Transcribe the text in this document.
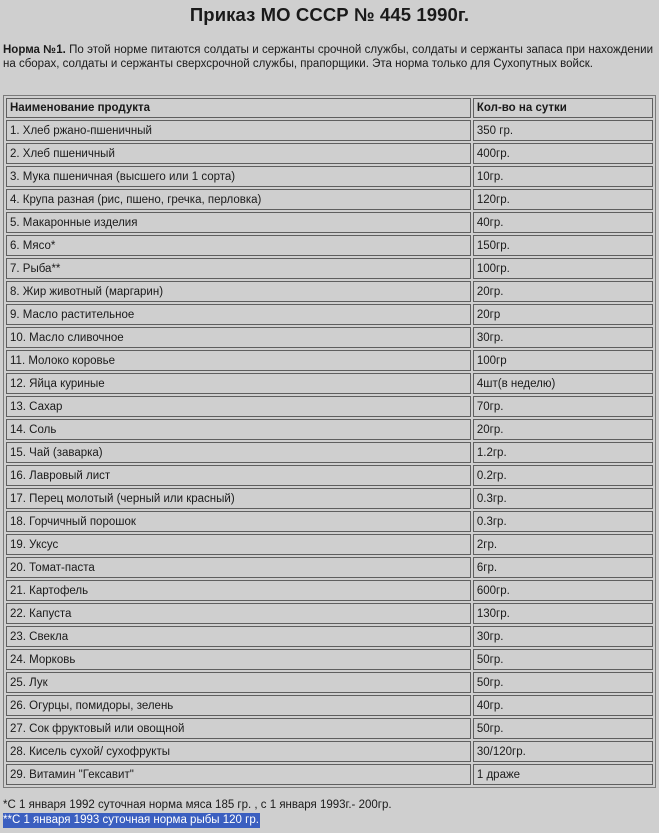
Приказ МО СССР № 445 1990г.
Норма №1. По этой норме питаются солдаты и сержанты срочной службы, солдаты и сержанты запаса при нахождении на сборах, солдаты и сержанты сверхсрочной службы, прапорщики. Эта норма только для Сухопутных войск.
Наименование продукта	Кол-во на сутки
1. Хлеб ржано-пшеничный	350 гр.
2. Хлеб пшеничный	400гр.
3. Мука пшеничная (высшего или 1 сорта)	10гр.
4. Крупа разная (рис, пшено, гречка, перловка)	120гр.
5. Макаронные изделия	40гр.
6. Мясо*	150гр.
7. Рыба**	100гр.
8. Жир животный (маргарин)	20гр.
9. Масло растительное	20гр
10. Масло сливочное	30гр.
11. Молоко коровье	100гр
12. Яйца куриные	4шт(в неделю)
13. Сахар	70гр.
14. Соль	20гр.
15. Чай (заварка)	1.2гр.
16. Лавровый лист	0.2гр.
17. Перец молотый (черный или красный)	0.3гр.
18. Горчичный порошок	0.3гр.
19. Уксус	2гр.
20. Томат-паста	6гр.
21. Картофель	600гр.
22. Капуста	130гр.
23. Свекла	30гр.
24. Морковь	50гр.
25. Лук	50гр.
26. Огурцы, помидоры, зелень	40гр.
27. Сок фруктовый или овощной	50гр.
28. Кисель сухой/ сухофрукты	30/120гр.
29. Витамин "Гексавит"	1 драже
*С 1 января 1992 суточная норма мяса 185 гр. , с 1 января 1993г.- 200гр.
**С 1 января 1993 суточная норма рыбы 120 гр.
